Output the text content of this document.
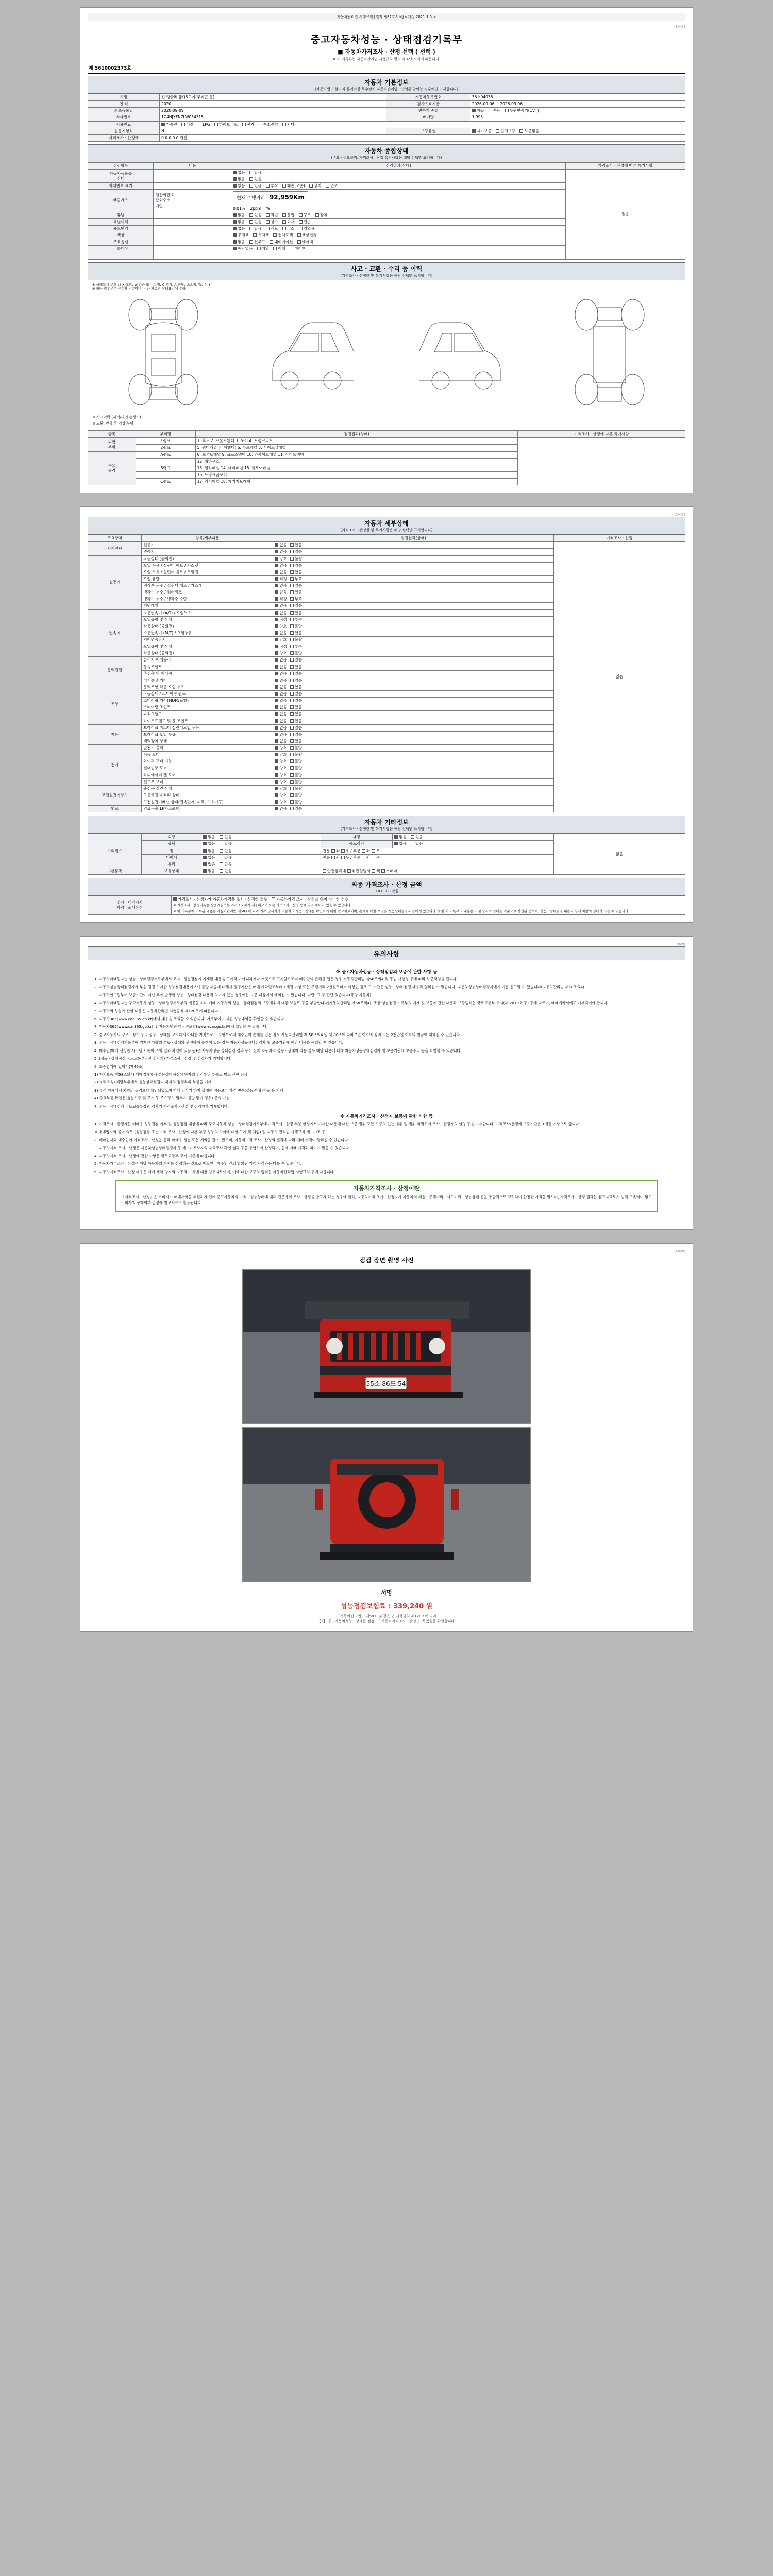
자동차관리법 시행규칙 [별지 제82호서식] <개정 2021.1.5.>
(1/4쪽)
중고자동차성능 · 상태점검기록부
■ 자동차가격조사 · 산정 선택 ( 선택 )
※ 이 기록부는 자동차관리법 시행규칙 별지 제82호서식에 따릅니다.
제 5610002373호
자동차 기본정보
(자동차법 기본가격 통지사항 특수장비 자동차관리법 · 산업통 참여는 경우에만 기재합니다)
차명	집 랭글러 (JK)5도어(루비콘 등)	자동차등록번호	36소04036
연 식	2020	검사유효기간	2026-09-06 ~ 2028-09-06
최초등록일	2020-09-09	변속기 종류	자동 수동 무단변속기(CVT)
차대번호	1C4HJXFN7LW054315	배기량	1,995
사용연료	가솔린 디젤 LPG 하이브리드 전기 수소전기 기타		
원동기형식	N	보증유형	자가보증 업체보증 보증없음
가격조사 · 산정액	0 0 0 0 0 만원		
자동차 종합상태
(주요 · 주요골격, 가격조사 · 산정 특기사항은 해당 선택만 표시합니다)
점검항목	내용	점검결과(상태)	가격조사 · 산정에 따른 특기사항
자동차등록증
상태		없음 있음	없음
		없음 있음	
차대번호 표기		없음 있음 부식 훼손(오손) 상이 변조	
배출가스	일산화탄소
탄화수소
매연	현재 주행거리 : 92,959Km
0.01%    2ppm    %

튜닝		없음 있음 적법 불법 구조 장치	
특별이력		없음 있음 침수 화재 전손	
용도변경		없음 있음 렌트 리스 영업용	
색상		무채색 유채색 전체도색 색상변경	
주요옵션		없음 선루프 내비게이션 에어백	
리콜대상		해당없음 해당 이행 미이행	

사고 · 교환 · 수리 등 이력
(가격조사 · 산정한 및 특기사항은 해당 선택만 표시합니다)
※ 상태표시 부호 : ( X:교환, W:판금 또는 용접, C:부식, A:긁힘, U:요철, T:손상 )
※ 하단 일부분은 승용차 기준이며, 기타 차종의 상태표시에 준함
※ 사고이력 (자기/타인 손상도)
※ 교환, 판금 등 이상 부위
항목	부위명	점검결과(상태)	가격조사 · 산정에 따른 특기사항
외판
부위	1랭크	1. 후드 2. 프론트휀더 3. 도어 4. 트렁크리드	
	2랭크	5. 쿼터패널 (리어휀더) 6. 루프패널 7. 사이드실패널	
주요
골격	A랭크	8. 프론트패널 9. 크로스멤버 10. 인사이드패널 11. 사이드멤버	
		12. 휠하우스	
	B랭크	13. 필라패널 14. 대쉬패널 15. 플로어패널	
		16. 트렁크플로어	
	C랭크	17. 리어패널 18. 패키지트레이	
(2/4쪽)
자동차 세부상태
(가격조사 · 산정한 및 특기사항은 해당 선택만 표시합니다)
주요장치	항목/세부내용	점검결과(상태)	가격조사 · 산정
자기진단	원동기	없음 있음	없음
	변속기	없음 있음	
원동기	작동상태 (공회전)	양호 불량	
	오일 누유 / 실린더 헤드 / 가스켓	없음 있음	
	오일 누유 / 실린더 블록 / 오일팬	없음 있음	
	오일 유량	적정 부족	
	냉각수 누수 / 실린더 헤드 / 가스켓	없음 있음	
	냉각수 누수 / 워터펌프	없음 있음	
	냉각수 누수 / 냉각수 수량	적정 부족	
	커먼레일	없음 있음	
변속기	자동변속기 (A/T) / 오일누유	없음 있음	
	오일유량 및 상태	적정 부족	
	작동상태 (공회전)	양호 불량	
	수동변속기 (M/T) / 오일누유	없음 있음	
	기어변속장치	양호 불량	
	오일유량 및 상태	적정 부족	
	작동상태 (공회전)	양호 불량	
동력전달	클러치 어셈블리	없음 있음	
	등속조인트	없음 있음	
	추진축 및 베어링	없음 있음	
	디퍼렌셜 기어	없음 있음	
조향	동력조향 작동 오일 누유	없음 있음	
	작동상태 / 스티어링 펌프	없음 있음	
	스티어링 기어(MDPS포함)	없음 있음	
	스티어링 조인트	없음 있음	
	파워크랭크	없음 있음	
	타이로드엔드 및 볼 조인트	없음 있음	
제동	브레이크 마스터 실린더오일 누유	없음 있음	
	브레이크 오일 누유	없음 있음	
	배력장치 상태	없음 있음	
전기	발전기 출력	양호 불량	
	시동 모터	양호 불량	
	와이퍼 모터 기능	양호 불량	
	실내송풍 모터	양호 불량	
	라디에이터 팬 모터	양호 불량	
	윈도우 모터	양호 불량	
고전원전기장치	충전구 절연 상태	양호 불량	
	구동축전지 격리 상태	양호 불량	
	고전원전기배선 상태(접속단자, 피복, 보호기구)	양호 불량	
연료	연료누출(LP가스포함)	없음 있음	
자동차 기타정보
(가격조사 · 산정한 및 특기사항은 해당 선택만 표시합니다)
수리필요	외장	없음 있음	내장	없음 있음	없음
	광택	없음 있음	룸크리닝	없음 있음	
	휠	없음 있음	전륜 좌 우 / 후륜 좌 우		
	타이어	없음 있음	전륜 좌 우 / 후륜 좌 우		
	유리	없음 있음			
기본품목	보유상태	없음 있음	안전삼각대 취급설명서 잭 스패너		
최종 가격조사 · 산정 금액
0 0 0 0 0 만원
점검 · 내역검사
가격 · 조사산정	
가격조사 · 산정자가 자동차가격을 조사 · 산정한 경우 자동차가격 조사 · 산정을 하지 아니한 경우
※ 가격조사 · 산정기록은 상품개질하는 가격조사자가 제공하오며 또는 가격조사 · 산정 등에 따라 차이가 있을 수 있습니다.
※ 이 기록부에 기록된 내용은 자동차관리법 제58조에 따라 거래 당사자가 자동차의 성능 · 상태를 확인하기 위한 참고자료이며, 손해에 대한 책임은 성능상태점검자 등에게 있습니다. 또한 이 기록부의 내용은 거래 당시의 상태를 기준으로 작성된 것으로, 성능 · 상태점검 내용과 실제 차량의 상태가 다를 수 있습니다.
(3/4쪽)
유의사항
※ 중고자동차성능 · 상태점검의 보증에 관한 사항 등

1. 자동차매매업자는 성능 · 상태점검기록부에서 고지 · 성능점검에 기재된 내용을 고지하지 아니하거나 거짓으로 고지함으로써 매수인이 손해를 입은 경우 자동차관리법 제58조의4 및 동법 시행령 등에 따라 보증책임을 집니다.

2. 자동차성능상태점검자가 부실 점검 고지한 성능점검내용에 사용불량 제공에 대해서 설명기간은 매매 계약일로부터 1개월 이상 또는 주행거리 2천킬로미터 이상인 경우 그 기간은 성능 · 상태 점검 내용과 달라질 수 있습니다. 자동차성능상태점검자에게 이를 신고할 수 있습니다(자동차관리법 제58조의4).

3. 자동차인도일부터 보증기간이 지난 후에 발생한 성능 · 상태점검 내용과 차이가 있는 경우에는 보증 대상에서 제외될 수 있습니다. 다만, 그 중 판단 있습니다(해당 자동차).

4. 자동차매매업자는 중고자동차 성능 · 상태점검기록부의 제공을 하며 매매 자동차의 성능 · 상태점검의 보증범위에 대한 보험료 등을 부담합니다(자동차관리법 제58조의4). 또한 성능점검 기록부의 기재 및 보증에 관한 내용과 보증범위는 국토교통부 고시(제 2019호 등) 등에 따르며, 매매계약서에도 기재되어야 합니다.

5. 자동차의 성능에 관한 내용은 자동차관리법 시행규칙 제120조에 따릅니다.

6. 자동차365(www.car365.go.kr)에서 내용을 조회할 수 있습니다. 기록부에 기재된 성능내역을 확인할 수 있습니다.

7. 자동차365(www.car365.go.kr) 및 자동차민원 대국민포털(www.ecar.go.kr)에서 확인할 수 있습니다.

2. 중고자동차의 구조 · 장치 등의 성능 · 상태를 고지하지 아니한 거짓으로 고지함으로써 매수인이 손해를 입은 경우 자동차관리법 제 58조의4 및 제 80조에 따라 2년 이하의 징역 또는 2천만원 이하의 벌금에 처해질 수 있습니다.

3. 성능 · 상태점검기록부에 기재된 차량의 성능 · 상태와 관련하여 분쟁이 있는 경우 자동차성능상태점검자 및 보증기관에 해당 내용을 문의할 수 있습니다.

4. 매수인(매매 신청한 시스템 기록이 조회 결과 확인이 있음 등)은 자동차성능 상태점검 결과 등이 실제 자동차의 성능 · 상태와 다를 경우 해당 내용에 대해 자동차성능상태점검자 및 보증기관에 보증수리 등을 요청할 수 있습니다.

5. (성능 · 상태점검 국토교통부장관 검사기) 가격조사 · 산정 및 점검자가 기재합니다.

6. 보증범위에 있어서(제46조)

1) 자기보증(제58조의4) 매매업체에서 성능상태점검이 하자의 점검부위 부품노 별도 신한 된상

2) 누리소속) 해당부위에서 성능상태점검이 하자의 점검부위 부품을 기재

3) 부식 자체에서 차량의 골격보다 확인되었으며 아래 검사기 하지 상태에 성능보다 가격 변수(성능변 확인 등)를 기재

4) 주요부품 확인용(성능보증 및 주기 등 주요장치 일부가 불량 없이 경우) 문의 가능

7. 성능 · 상태점검 국토교통부장관 검사기 가격조사 · 산정 및 점검자가 기재합니다.

※ 자동차가격조사 · 산정자 보증에 관한 사항 등

1. 가격조사 · 산정자는 매매용 성능점검 여부 및 성능점검 대상에 따라 중고자동차 성능 · 상태점검기록부에 가격조사 · 산정 부분 한정에서 기재한 내용에 대한 보증 범위 모든 보증의 있는 범위 및 범위 차별하여 조사 · 산정자의 설명 등을 기재합니다. 가격조사/산정에 보증기간은 1개월 이상으로 합니다.

※ 매매업자의 물어 의무 (성능점검 또는 가격 조사 · 산정에 따른 차량 성능의 차이에 대한 고지 및 책임) 및 자동차 관리법 시행규칙 제120조 등

2. 매매업자와 매수인이 가격조사 · 산정을 통해 매매용 성능 또는 계약을 할 수 있으며, 자동차가격 조사 · 산정의 결과에 따라 매매 가격이 달라질 수 있습니다.

3. 자동차가격 조사 · 산정은 자동차성능상태점검자 등 제3자 조사자의 자료조사 확인 결과 등을 종합하여 산정되며, 실제 거래 가격과 차이가 있을 수 있습니다.

4. 자동차가격 조사 · 산정에 관한 사항은 국토교통부 고시 기준에 따릅니다.

5. 자동차가격조사 · 산정은 해당 자동차의 가치를 산정하는 것으로 매도인 · 매수인 간의 합의된 거래 가격과는 다를 수 있습니다.

6. 자동차가격조사 · 산정 내용은 매매 계약 당시의 자동차 가치에 대한 참고자료이며, 이에 대한 보증의 범위는 자동차관리법 시행규칙 등에 따릅니다.

자동차가격조사 · 산정이란

「가격조사 · 산정」은 소비자가 매매계약을 체결하기 전에 중고자동차의 가격 · 성능상태에 대해 전문가의 조사 · 산정을 받고자 하는 경우에 한해, 자동차가격 조사 · 산정자가 자동차의 제원 · 주행거리 · 사고이력 · 성능상태 등을 종합적으로 고려하여 산정한 가격을 말하며, 가격조사 · 산정 결과는 참고자료로서 법적 구속력이 없고 소비자의 구매여부 결정에 참고자료로 활용됩니다.

(4/4쪽)
점검 장면 촬영 사진
55소 86도 54
서명
성능점검보험료 : 339,240 원
「자동차관리법」 제58조 및 같은 법 시행규칙 제120조에 따라
【1】 중고자동차성능 · 상태를 점검, 「 자동차가격조사 · 산정 」 하였음을 확인합니다.
